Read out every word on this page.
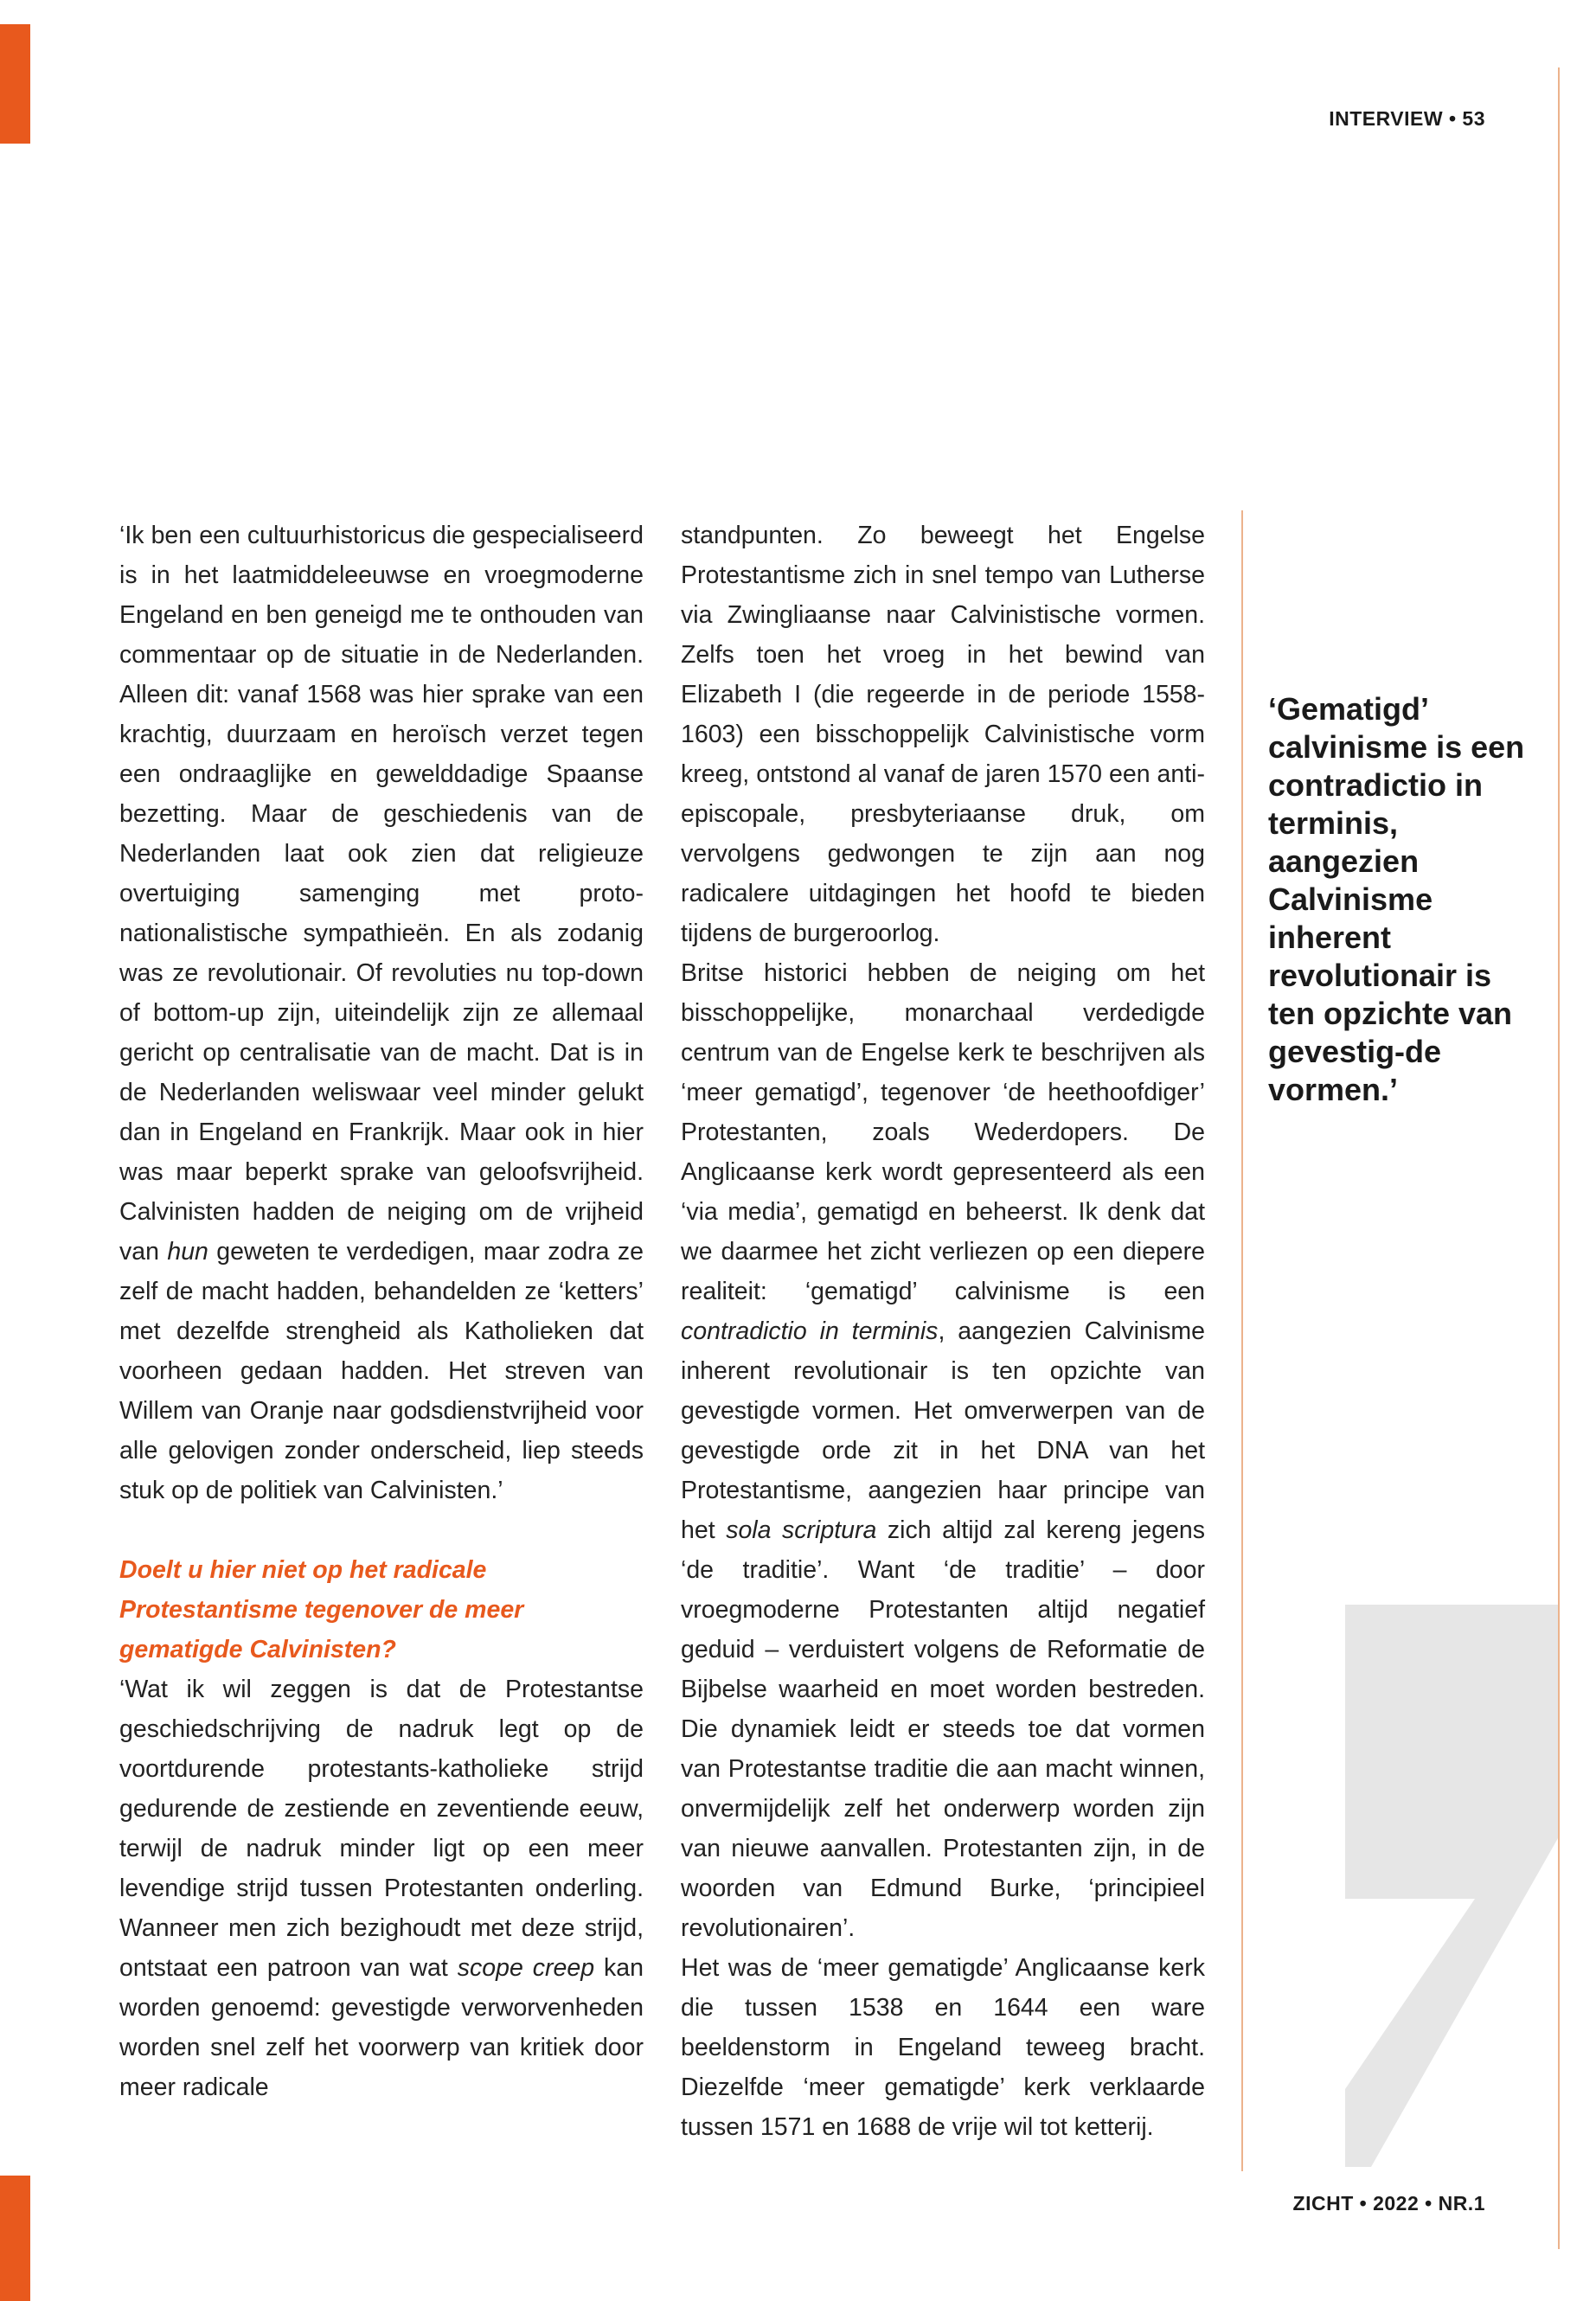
INTERVIEW • 53

‘Ik ben een cultuurhistoricus die gespecialiseerd is in het laatmiddeleeuwse en vroegmoderne Engeland en ben geneigd me te onthouden van commentaar op de situatie in de Nederlanden. Alleen dit: vanaf 1568 was hier sprake van een krachtig, duurzaam en heroïsch verzet tegen een ondraaglijke en gewelddadige Spaanse bezetting. Maar de geschiedenis van de Nederlanden laat ook zien dat religieuze overtuiging samenging met proto-nationalistische sympathieën. En als zodanig was ze revolutionair. Of revoluties nu top-down of bottom-up zijn, uiteindelijk zijn ze allemaal gericht op centralisatie van de macht. Dat is in de Nederlanden weliswaar veel minder gelukt dan in Engeland en Frankrijk. Maar ook in hier was maar beperkt sprake van geloofsvrijheid. Calvinisten hadden de neiging om de vrijheid van hun geweten te verdedigen, maar zodra ze zelf de macht hadden, behandelden ze ‘ketters’ met dezelfde strengheid als Katholieken dat voorheen gedaan hadden. Het streven van Willem van Oranje naar godsdienstvrijheid voor alle gelovigen zonder onderscheid, liep steeds stuk op de politiek van Calvinisten.’

Doelt u hier niet op het radicale Protestantisme tegenover de meer gematigde Calvinisten?

‘Wat ik wil zeggen is dat de Protestantse geschiedschrijving de nadruk legt op de voortdurende protestants-katholieke strijd gedurende de zestiende en zeventiende eeuw, terwijl de nadruk minder ligt op een meer levendige strijd tussen Protestanten onderling. Wanneer men zich bezighoudt met deze strijd, ontstaat een patroon van wat scope creep kan worden genoemd: gevestigde verworvenheden worden snel zelf het voorwerp van kritiek door meer radicale

standpunten. Zo beweegt het Engelse Protestantisme zich in snel tempo van Lutherse via Zwingliaanse naar Calvinistische vormen. Zelfs toen het vroeg in het bewind van Elizabeth I (die regeerde in de periode 1558-1603) een bisschoppelijk Calvinistische vorm kreeg, ontstond al vanaf de jaren 1570 een anti-episcopale, presbyteriaanse druk, om vervolgens gedwongen te zijn aan nog radicalere uitdagingen het hoofd te bieden tijdens de burgeroorlog.

Britse historici hebben de neiging om het bisschoppelijke, monarchaal verdedigde centrum van de Engelse kerk te beschrijven als ‘meer gematigd’, tegenover ‘de heethoofdiger’ Protestanten, zoals Wederdopers. De Anglicaanse kerk wordt gepresenteerd als een ‘via media’, gematigd en beheerst. Ik denk dat we daarmee het zicht verliezen op een diepere realiteit: ‘gematigd’ calvinisme is een contradictio in terminis, aangezien Calvinisme inherent revolutionair is ten opzichte van gevestigde vormen. Het omverwerpen van de gevestigde orde zit in het DNA van het Protestantisme, aangezien haar principe van het sola scriptura zich altijd zal kereng jegens ‘de traditie’. Want ‘de traditie’ – door vroegmoderne Protestanten altijd negatief geduid – verduistert volgens de Reformatie de Bijbelse waarheid en moet worden bestreden. Die dynamiek leidt er steeds toe dat vormen van Protestantse traditie die aan macht winnen, onvermijdelijk zelf het onderwerp worden zijn van nieuwe aanvallen. Protestanten zijn, in de woorden van Edmund Burke, ‘principieel revolutionairen’.

Het was de ‘meer gematigde’ Anglicaanse kerk die tussen 1538 en 1644 een ware beeldenstorm in Engeland teweeg bracht. Diezelfde ‘meer gematigde’ kerk verklaarde tussen 1571 en 1688 de vrije wil tot ketterij.

‘Gematigd’ calvinisme is een contradictio in terminis, aangezien Calvinisme inherent revolutionair is ten opzichte van gevestig-de vormen.’

ZICHT • 2022 • NR.1
